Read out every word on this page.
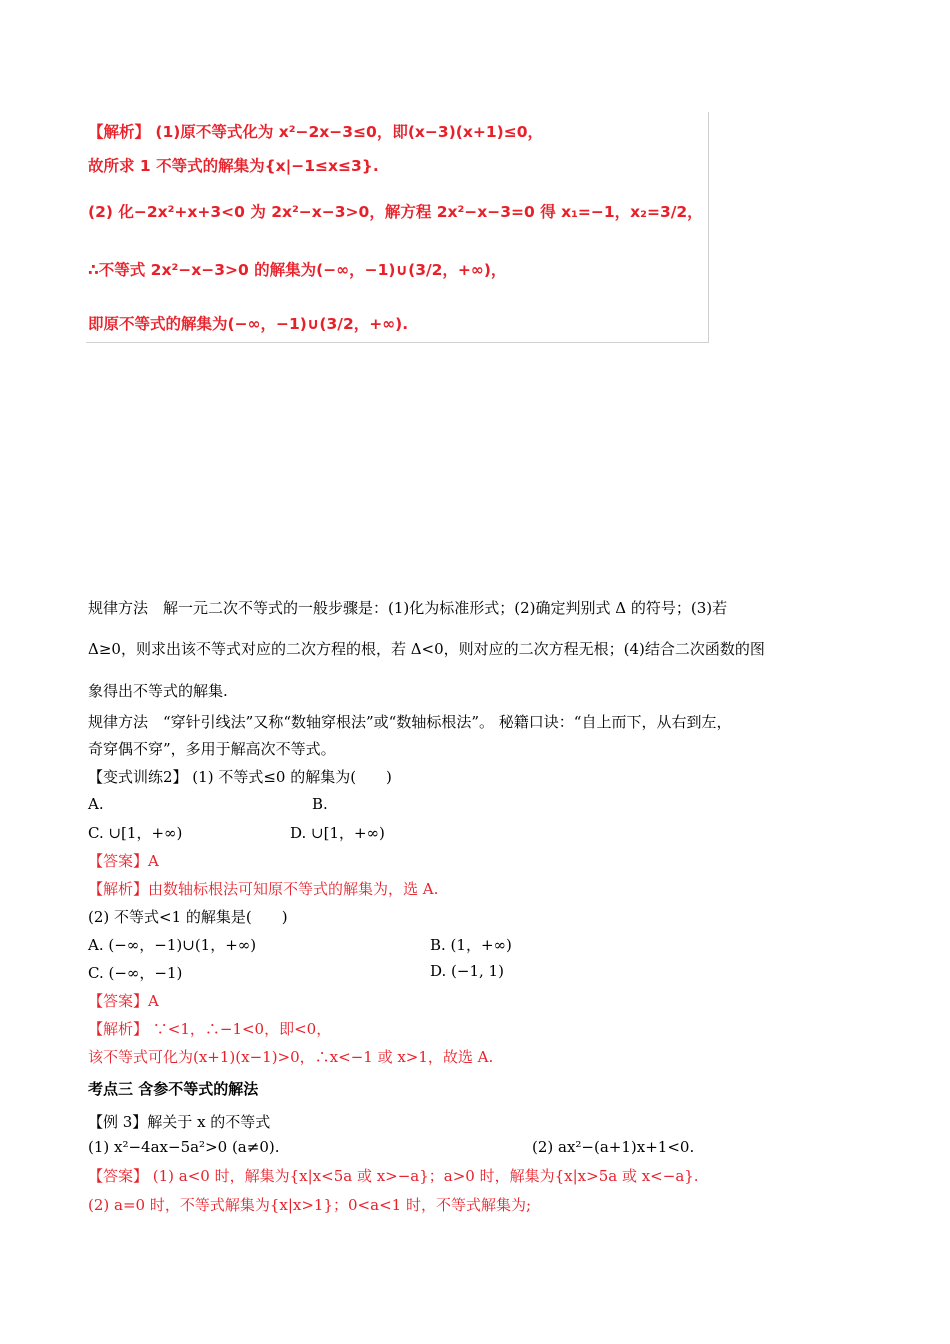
【解析】 (1)原不等式化为 x²−2x−3≤0，即(x−3)(x+1)≤0，
故所求 1 不等式的解集为{x|−1≤x≤3}.
(2) 化−2x²+x+3<0 为 2x²−x−3>0，解方程 2x²−x−3=0 得 x₁=−1，x₂=3/2，
∴不等式 2x²−x−3>0 的解集为(−∞，−1)∪(3/2，+∞)，
即原不等式的解集为(−∞，−1)∪(3/2，+∞).
规律方法　解一元二次不等式的一般步骤是：(1)化为标准形式；(2)确定判别式 Δ 的符号；(3)若
Δ≥0，则求出该不等式对应的二次方程的根，若 Δ<0，则对应的二次方程无根；(4)结合二次函数的图
象得出不等式的解集.
规律方法　“穿针引线法”又称“数轴穿根法”或“数轴标根法”。 秘籍口诀：“自上而下，从右到左，
奇穿偶不穿”，多用于解高次不等式。
【变式训练2】 (1) 不等式≤0 的解集为(　　)
A.	B.
C. ∪[1，+∞)	D. ∪[1，+∞)
【答案】A
【解析】由数轴标根法可知原不等式的解集为，选 A.
(2) 不等式<1 的解集是(　　)
A. (−∞，−1)∪(1，+∞)	B. (1，+∞)
C. (−∞，−1)	D. (−1, 1)
【答案】A
【解析】 ∵<1，∴−1<0，即<0，
该不等式可化为(x+1)(x−1)>0，∴x<−1 或 x>1，故选 A.
考点三 含参不等式的解法
【例 3】解关于 x 的不等式
(1) x²−4ax−5a²>0 (a≠0).	(2) ax²−(a+1)x+1<0.
【答案】 (1) a<0 时，解集为{x|x<5a 或 x>−a}；a>0 时，解集为{x|x>5a 或 x<−a}.
(2) a=0 时，不等式解集为{x|x>1}；0<a<1 时，不等式解集为;
